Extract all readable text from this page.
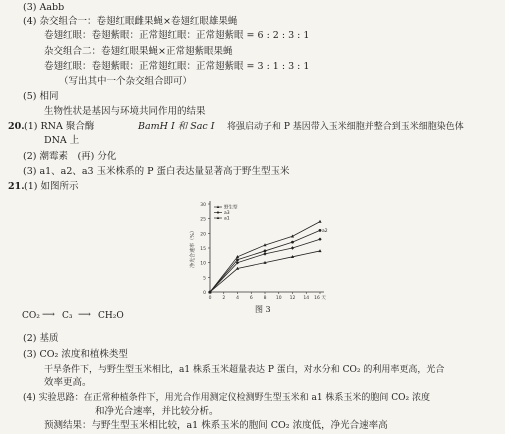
(3) Aabb
(4) 杂交组合一：卷翅红眼雌果蝇×卷翅红眼雄果蝇
卷翅红眼：卷翅紫眼：正常翅红眼：正常翅紫眼 = 6 : 2 : 3 : 1
杂交组合二：卷翅红眼果蝇×正常翅紫眼果蝇
卷翅红眼：卷翅紫眼：正常翅红眼：正常翅紫眼 = 3 : 1 : 3 : 1
（写出其中一个杂交组合即可）
(5) 相同
生物性状是基因与环境共同作用的结果
20. (1) RNA 聚合酶	BamH Ⅰ 和 Sac Ⅰ 将强启动子和 P 基因带入玉米细胞并整合到玉米细胞染色体
DNA 上
(2) 潮霉素　(再) 分化
(3) a1、a2、a3 玉米株系的 P 蛋白表达量显著高于野生型玉米
21. (1) 如图所示
0
5
10
15
20
25
30
0 2 4 6 8 10 12 14 16 天
净光合速率（%）	a2
野生型
a3
a1
图 3
CO₂ ⟶ C₃ ⟶ CH₂O
(2) 基质
(3) CO₂ 浓度和植株类型
干旱条件下，与野生型玉米相比，a1 株系玉米超量表达 P 蛋白，对水分和 CO₂ 的利用率更高，光合
效率更高。
(4) 实验思路：在正常种植条件下，用光合作用测定仪检测野生型玉米和 a1 株系玉米的胞间 CO₂ 浓度
和净光合速率，并比较分析。
预测结果：与野生型玉米相比较，a1 株系玉米的胞间 CO₂ 浓度低，净光合速率高
